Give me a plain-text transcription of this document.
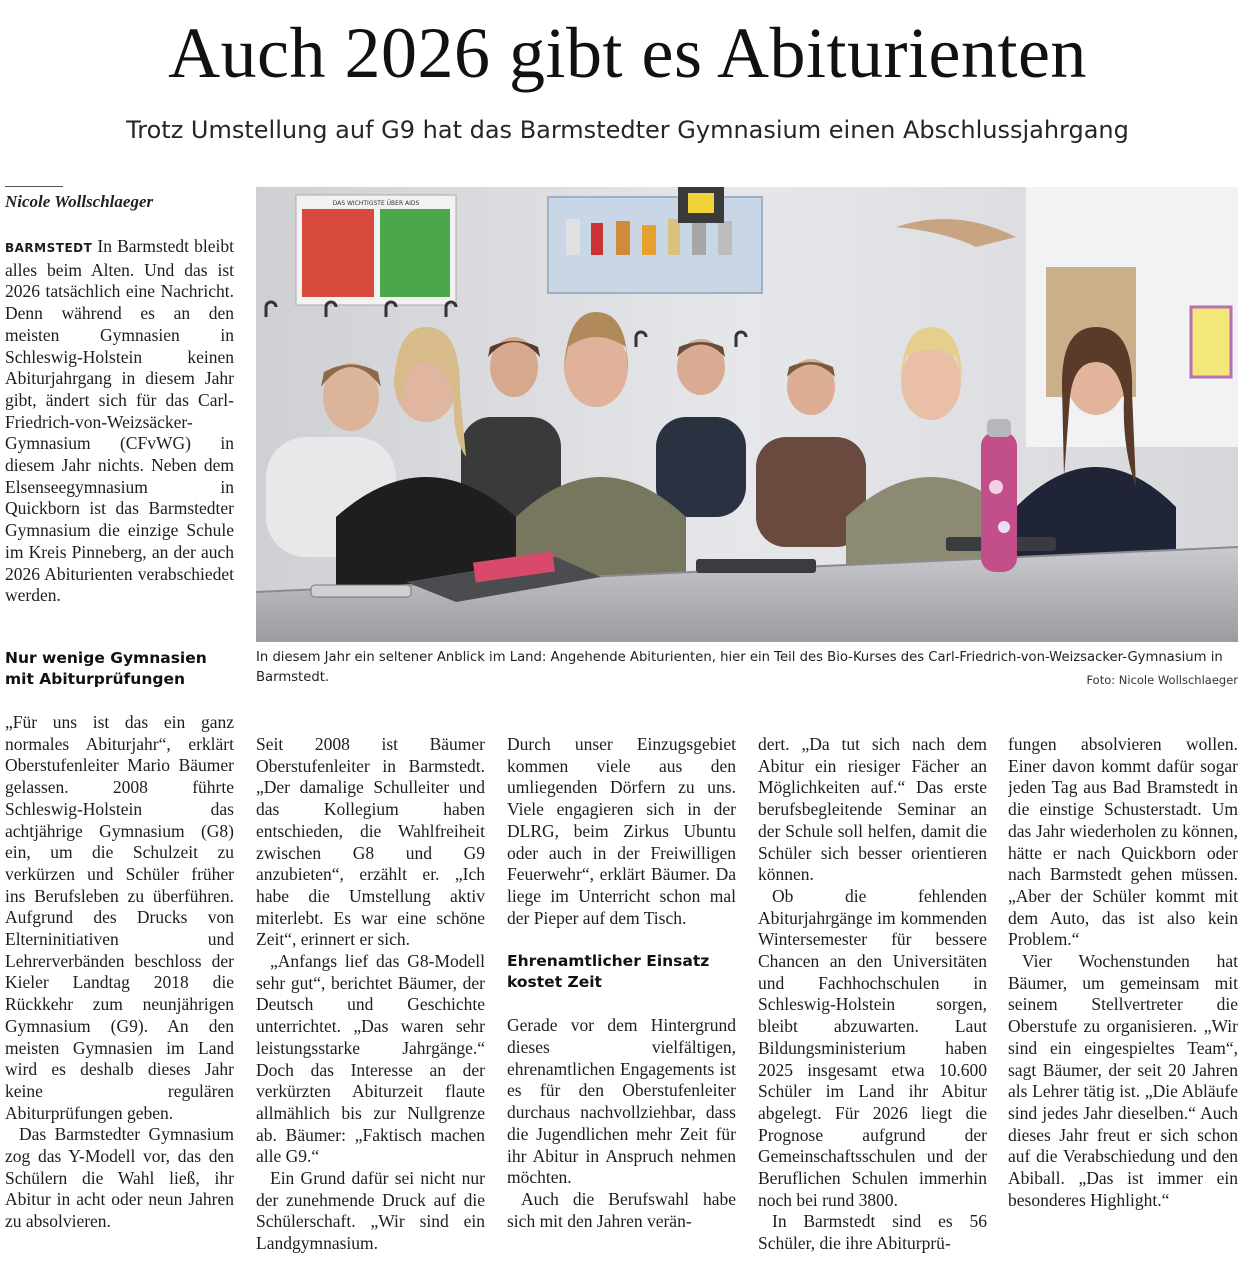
Auch 2026 gibt es Abiturienten
Trotz Umstellung auf G9 hat das Barmstedter Gymnasium einen Abschlussjahrgang
Nicole Wollschlaeger

BARMSTEDT In Barmstedt bleibt alles beim Alten. Und das ist 2026 tatsächlich eine Nachricht. Denn während es an den meisten Gymnasien in Schleswig-Holstein keinen Abiturjahrgang in diesem Jahr gibt, ändert sich für das Carl-Friedrich-von-Weizsäcker-Gymnasium (CFvWG) in diesem Jahr nichts. Neben dem Elsenseegymnasium in Quickborn ist das Barmstedter Gymnasium die einzige Schule im Kreis Pinneberg, an der auch 2026 Abiturienten verabschiedet werden.

Nur wenige Gymnasien mit Abiturprüfungen

„Für uns ist das ein ganz normales Abiturjahr“, erklärt Oberstufenleiter Mario Bäumer gelassen. 2008 führte Schleswig-Holstein das achtjährige Gymnasium (G8) ein, um die Schulzeit zu verkürzen und Schüler früher ins Berufsleben zu überführen. Aufgrund des Drucks von Elterninitiativen und Lehrerverbänden beschloss der Kieler Landtag 2018 die Rückkehr zum neunjährigen Gymnasium (G9). An den meisten Gymnasien im Land wird es deshalb dieses Jahr keine regulären Abiturprüfungen geben.

Das Barmstedter Gymnasium zog das Y-Modell vor, das den Schülern die Wahl ließ, ihr Abitur in acht oder neun Jahren zu absolvieren.

Seit 2008 ist Bäumer Oberstufenleiter in Barmstedt. „Der damalige Schulleiter und das Kollegium haben entschieden, die Wahlfreiheit zwischen G8 und G9 anzubieten“, erzählt er. „Ich habe die Umstellung aktiv miterlebt. Es war eine schöne Zeit“, erinnert er sich.

„Anfangs lief das G8-Modell sehr gut“, berichtet Bäumer, der Deutsch und Geschichte unterrichtet. „Das waren sehr leistungsstarke Jahrgänge.“ Doch das Interesse an der verkürzten Abiturzeit flaute allmählich bis zur Nullgrenze ab. Bäumer: „Faktisch machen alle G9.“

Ein Grund dafür sei nicht nur der zunehmende Druck auf die Schülerschaft. „Wir sind ein Landgymnasium.

Durch unser Einzugsgebiet kommen viele aus den umliegenden Dörfern zu uns. Viele engagieren sich in der DLRG, beim Zirkus Ubuntu oder auch in der Freiwilligen Feuerwehr“, erklärt Bäumer. Da liege im Unterricht schon mal der Pieper auf dem Tisch.

Ehrenamtlicher Einsatz kostet Zeit

Gerade vor dem Hintergrund dieses vielfältigen, ehrenamtlichen Engagements ist es für den Oberstufenleiter durchaus nachvollziehbar, dass die Jugendlichen mehr Zeit für ihr Abitur in Anspruch nehmen möchten.

Auch die Berufswahl habe sich mit den Jahren verän-

dert. „Da tut sich nach dem Abitur ein riesiger Fächer an Möglichkeiten auf.“ Das erste berufsbegleitende Seminar an der Schule soll helfen, damit die Schüler sich besser orientieren können.

Ob die fehlenden Abiturjahrgänge im kommenden Wintersemester für bessere Chancen an den Universitäten und Fachhochschulen in Schleswig-Holstein sorgen, bleibt abzuwarten. Laut Bildungsministerium haben 2025 insgesamt etwa 10.600 Schüler im Land ihr Abitur abgelegt. Für 2026 liegt die Prognose aufgrund der Gemeinschaftsschulen und der Beruflichen Schulen immerhin noch bei rund 3800.

In Barmstedt sind es 56 Schüler, die ihre Abiturprü-

fungen absolvieren wollen. Einer davon kommt dafür sogar jeden Tag aus Bad Bramstedt in die einstige Schusterstadt. Um das Jahr wiederholen zu können, hätte er nach Quickborn oder nach Barmstedt gehen müssen. „Aber der Schüler kommt mit dem Auto, das ist also kein Problem.“

Vier Wochenstunden hat Bäumer, um gemeinsam mit seinem Stellvertreter die Oberstufe zu organisieren. „Wir sind ein eingespieltes Team“, sagt Bäumer, der seit 20 Jahren als Lehrer tätig ist. „Die Abläufe sind jedes Jahr dieselben.“ Auch dieses Jahr freut er sich schon auf die Verabschiedung und den Abiball. „Das ist immer ein besonderes Highlight.“

DAS WICHTIGSTE ÜBER AIDS
In diesem Jahr ein seltener Anblick im Land: Angehende Abiturienten, hier ein Teil des Bio-Kurses des Carl-Friedrich-von-Weizsacker-Gymnasium in Barmstedt.	Foto: Nicole Wollschlaeger
